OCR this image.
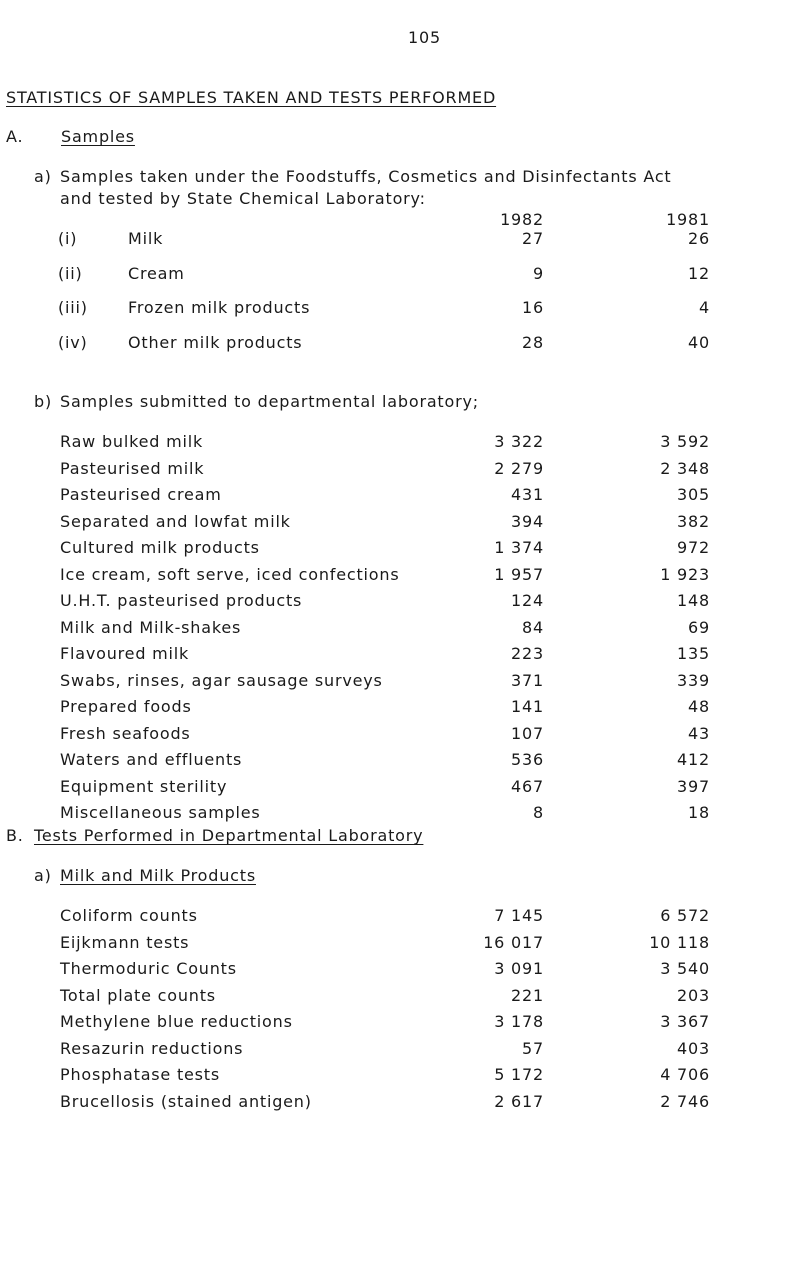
105
STATISTICS OF SAMPLES TAKEN AND TESTS PERFORMED
A. Samples
a) Samples taken under the Foodstuffs, Cosmetics and Disinfectants Act
and tested by State Chemical Laboratory:
1982	1981
(i)	Milk	27	26
(ii)	Cream	9	12
(iii)	Frozen milk products	16	4
(iv)	Other milk products	28	40
b) Samples submitted to departmental laboratory;
Raw bulked milk	3 322	3 592
Pasteurised milk	2 279	2 348
Pasteurised cream	431	305
Separated and lowfat milk	394	382
Cultured milk products	1 374	972
Ice cream, soft serve, iced confections	1 957	1 923
U.H.T. pasteurised products	124	148
Milk and Milk-shakes	84	69
Flavoured milk	223	135
Swabs, rinses, agar sausage surveys	371	339
Prepared foods	141	48
Fresh seafoods	107	43
Waters and effluents	536	412
Equipment sterility	467	397
Miscellaneous samples	8	18
B. Tests Performed in Departmental Laboratory
a) Milk and Milk Products
Coliform counts	7 145	6 572
Eijkmann tests	16 017	10 118
Thermoduric Counts	3 091	3 540
Total plate counts	221	203
Methylene blue reductions	3 178	3 367
Resazurin reductions	57	403
Phosphatase tests	5 172	4 706
Brucellosis (stained antigen)	2 617	2 746
